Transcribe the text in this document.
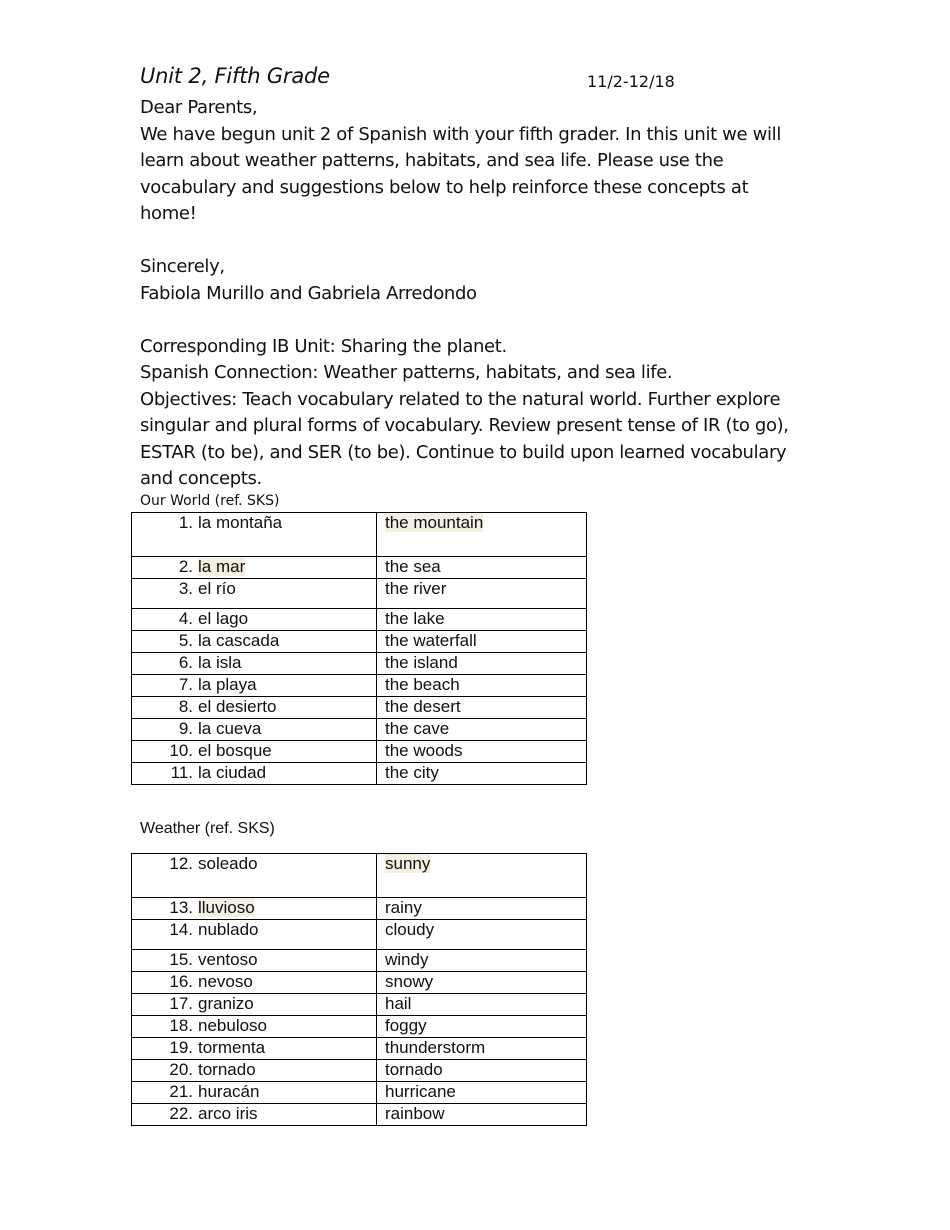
Unit 2, Fifth Grade	11/2-12/18

Dear Parents,

We have begun unit 2 of Spanish with your fifth grader. In this unit we will

learn about weather patterns, habitats, and sea life. Please use the

vocabulary and suggestions below to help reinforce these concepts at

home!

Sincerely,

Fabiola Murillo and Gabriela Arredondo

Corresponding IB Unit: Sharing the planet.

Spanish Connection: Weather patterns, habitats, and sea life.

Objectives: Teach vocabulary related to the natural world. Further explore

singular and plural forms of vocabulary. Review present tense of IR (to go),

ESTAR (to be), and SER (to be). Continue to build upon learned vocabulary

and concepts.

Our World (ref. SKS)
1. la montaña	the mountain
2. la mar	the sea
3. el río	the river
4. el lago	the lake
5. la cascada	the waterfall
6. la isla	the island
7. la playa	the beach
8. el desierto	the desert
9. la cueva	the cave
10. el bosque	the woods
11. la ciudad	the city
Weather (ref. SKS)
12. soleado	sunny
13. lluvioso	rainy
14. nublado	cloudy
15. ventoso	windy
16. nevoso	snowy
17. granizo	hail
18. nebuloso	foggy
19. tormenta	thunderstorm
20. tornado	tornado
21. huracán	hurricane
22. arco iris	rainbow
